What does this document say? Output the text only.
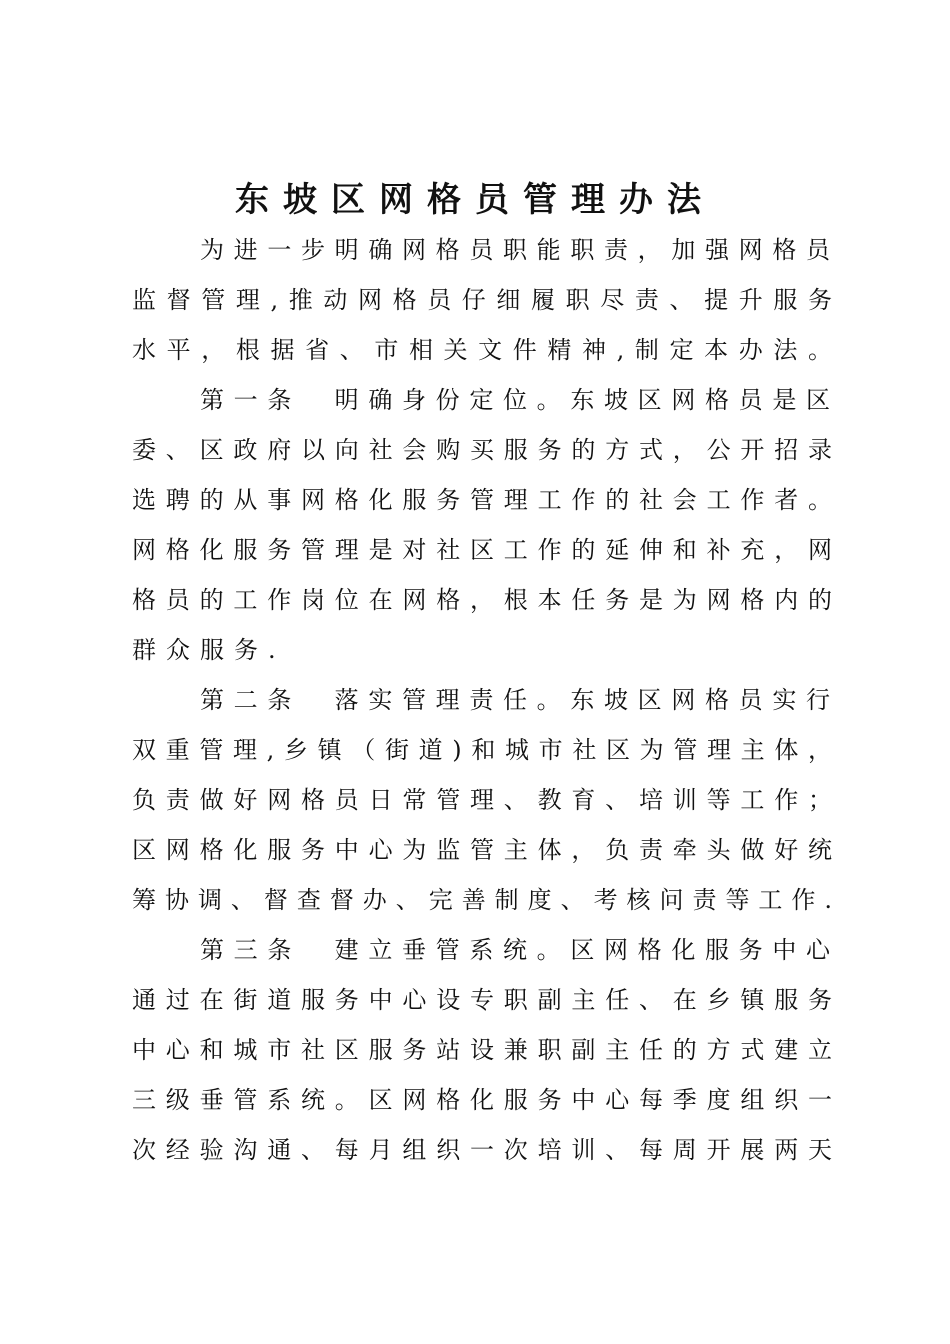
东坡区网格员管理办法
为进一步明确网格员职能职责，加强网格员
监督管理,推动网格员仔细履职尽责、提升服务
水平，根据省、市相关文件精神,制定本办法。
第一条　明确身份定位。东坡区网格员是区
委、区政府以向社会购买服务的方式，公开招录
选聘的从事网格化服务管理工作的社会工作者。
网格化服务管理是对社区工作的延伸和补充，网
格员的工作岗位在网格，根本任务是为网格内的
群众服务.
第二条　落实管理责任。东坡区网格员实行
双重管理,乡镇（街道)和城市社区为管理主体，
负责做好网格员日常管理、教育、培训等工作；
区网格化服务中心为监管主体，负责牵头做好统
筹协调、督查督办、完善制度、考核问责等工作.
第三条　建立垂管系统。区网格化服务中心
通过在街道服务中心设专职副主任、在乡镇服务
中心和城市社区服务站设兼职副主任的方式建立
三级垂管系统。区网格化服务中心每季度组织一
次经验沟通、每月组织一次培训、每周开展两天
